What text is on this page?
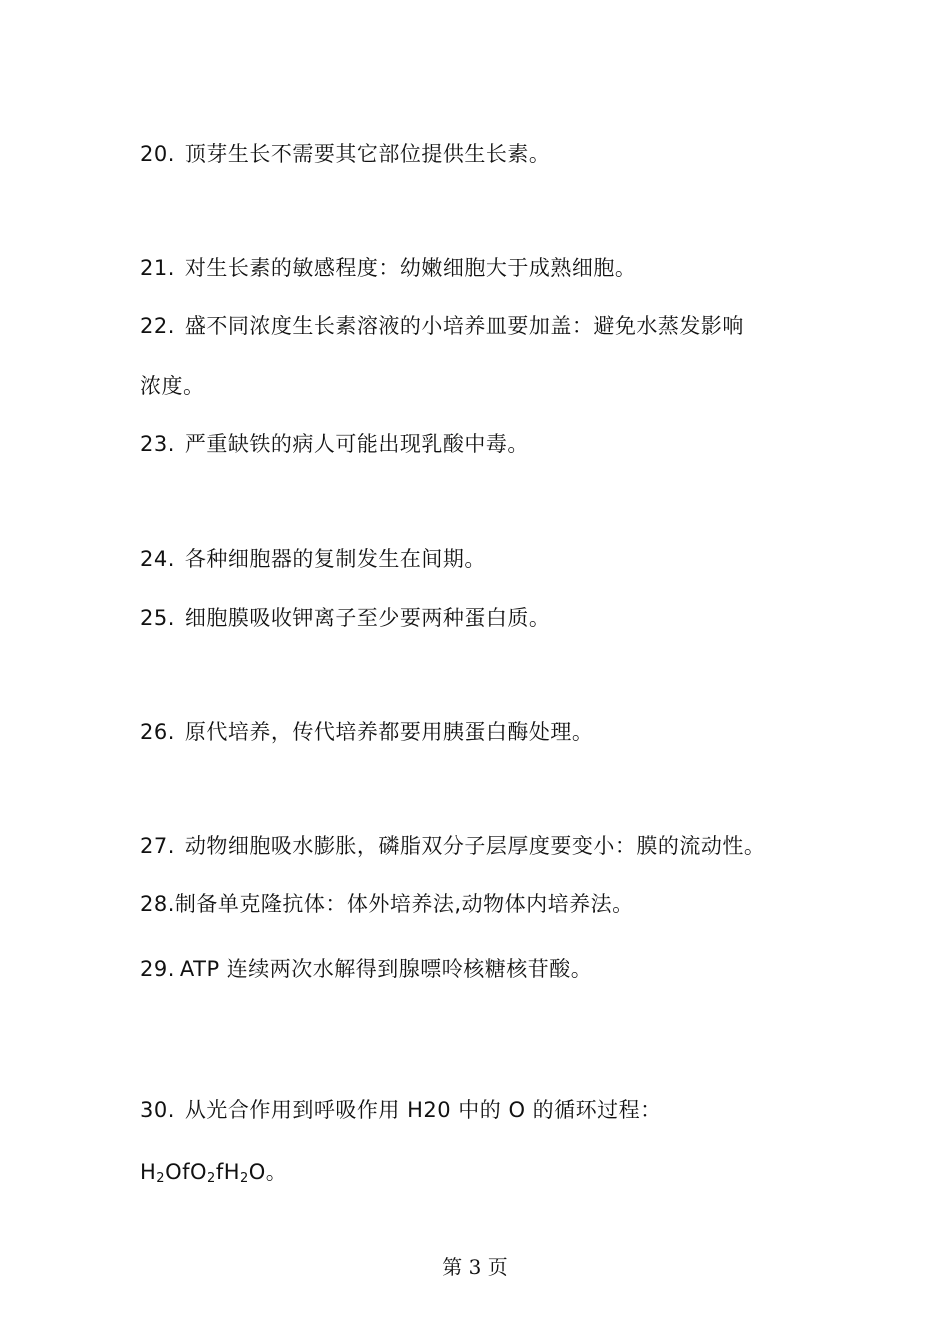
20. 顶芽生长不需要其它部位提供生长素。
21. 对生长素的敏感程度：幼嫩细胞大于成熟细胞。
22. 盛不同浓度生长素溶液的小培养皿要加盖：避免水蒸发影响
浓度。
23. 严重缺铁的病人可能出现乳酸中毒。
24. 各种细胞器的复制发生在间期。
25. 细胞膜吸收钾离子至少要两种蛋白质。
26. 原代培养，传代培养都要用胰蛋白酶处理。
27. 动物细胞吸水膨胀，磷脂双分子层厚度要变小：膜的流动性。
28.制备单克隆抗体：体外培养法,动物体内培养法。
29. ATP 连续两次水解得到腺嘌呤核糖核苷酸。
30. 从光合作用到呼吸作用 H20 中的 O 的循环过程：
$H_2OfO_2fH_2O$。
第 3 页
